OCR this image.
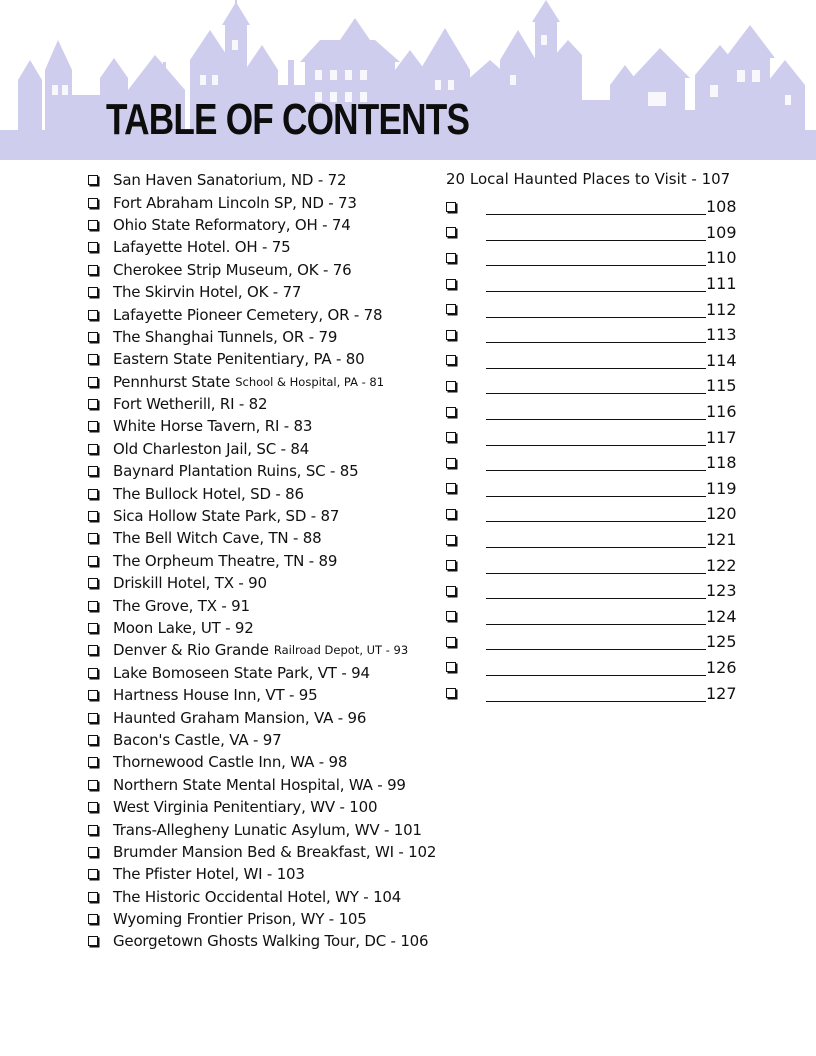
TABLE OF CONTENTS
San Haven Sanatorium, ND - 72
Fort Abraham Lincoln SP, ND - 73
Ohio State Reformatory, OH - 74
Lafayette Hotel. OH - 75
Cherokee Strip Museum, OK - 76
The Skirvin Hotel, OK - 77
Lafayette Pioneer Cemetery, OR - 78
The Shanghai Tunnels, OR - 79
Eastern State Penitentiary, PA - 80
Pennhurst State
School & Hospital, PA - 81
Fort Wetherill, RI - 82
White Horse Tavern, RI - 83
Old Charleston Jail, SC - 84
Baynard Plantation Ruins, SC - 85
The Bullock Hotel, SD - 86
Sica Hollow State Park, SD - 87
The Bell Witch Cave, TN - 88
The Orpheum Theatre, TN - 89
Driskill Hotel, TX - 90
The Grove, TX - 91
Moon Lake, UT - 92
Denver & Rio Grande
Railroad Depot, UT - 93
Lake Bomoseen State Park, VT - 94
Hartness House Inn, VT - 95
Haunted Graham Mansion, VA - 96
Bacon's Castle, VA - 97
Thornewood Castle Inn, WA - 98
Northern State Mental Hospital, WA - 99
West Virginia Penitentiary, WV - 100
Trans-Allegheny Lunatic Asylum, WV - 101
Brumder Mansion Bed & Breakfast, WI - 102
The Pfister Hotel, WI - 103
The Historic Occidental Hotel, WY - 104
Wyoming Frontier Prison, WY - 105
Georgetown Ghosts Walking Tour, DC - 106
20 Local Haunted Places to Visit - 107
108
109
110
111
112
113
114
115
116
117
118
119
120
121
122
123
124
125
126
127
